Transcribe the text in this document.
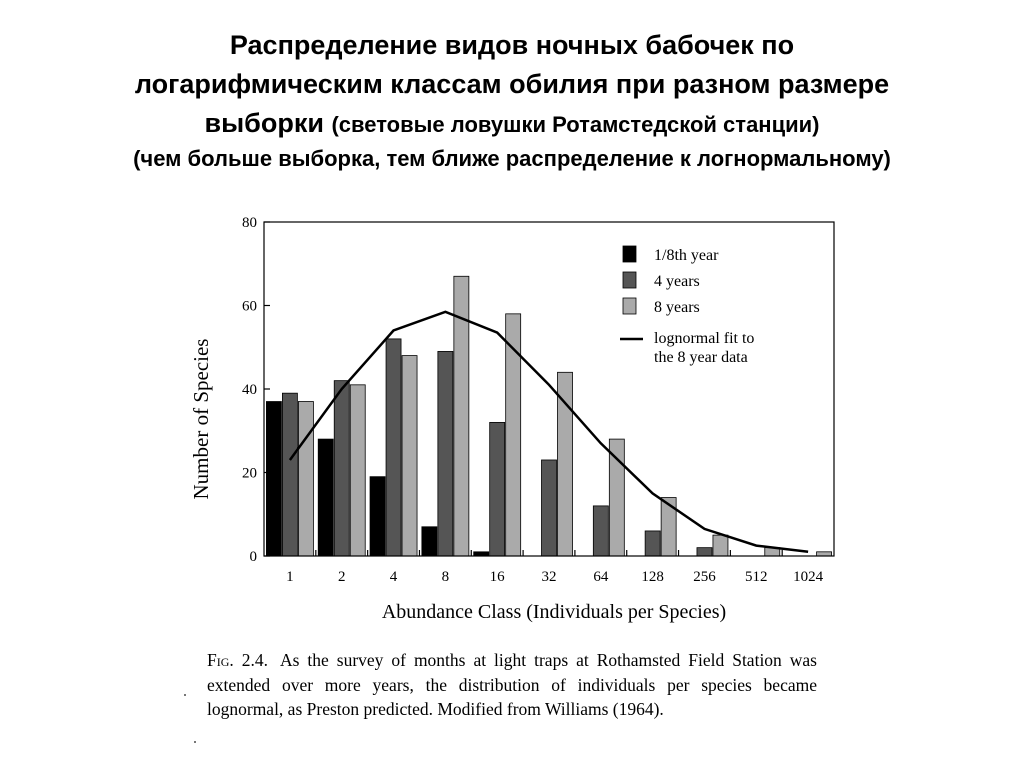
Распределение видов ночных бабочек по
логарифмическим классам обилия при разном размере
выборки (световые ловушки Ротамстедской станции)
(чем больше выборка, тем ближе распределение к логнормальному)
0
20
40
60
80
1	2	4	8	16 32 64 128 256 512 1024
Number of Species
Abundance Class (Individuals per Species)
1/8th year
4 years
8 years
lognormal fit to
the 8 year data

Fig. 2.4. As the survey of months at light traps at Rothamsted Field Station was extended over more years, the distribution of individuals per species became lognormal, as Preston predicted. Modified from Williams (1964).
